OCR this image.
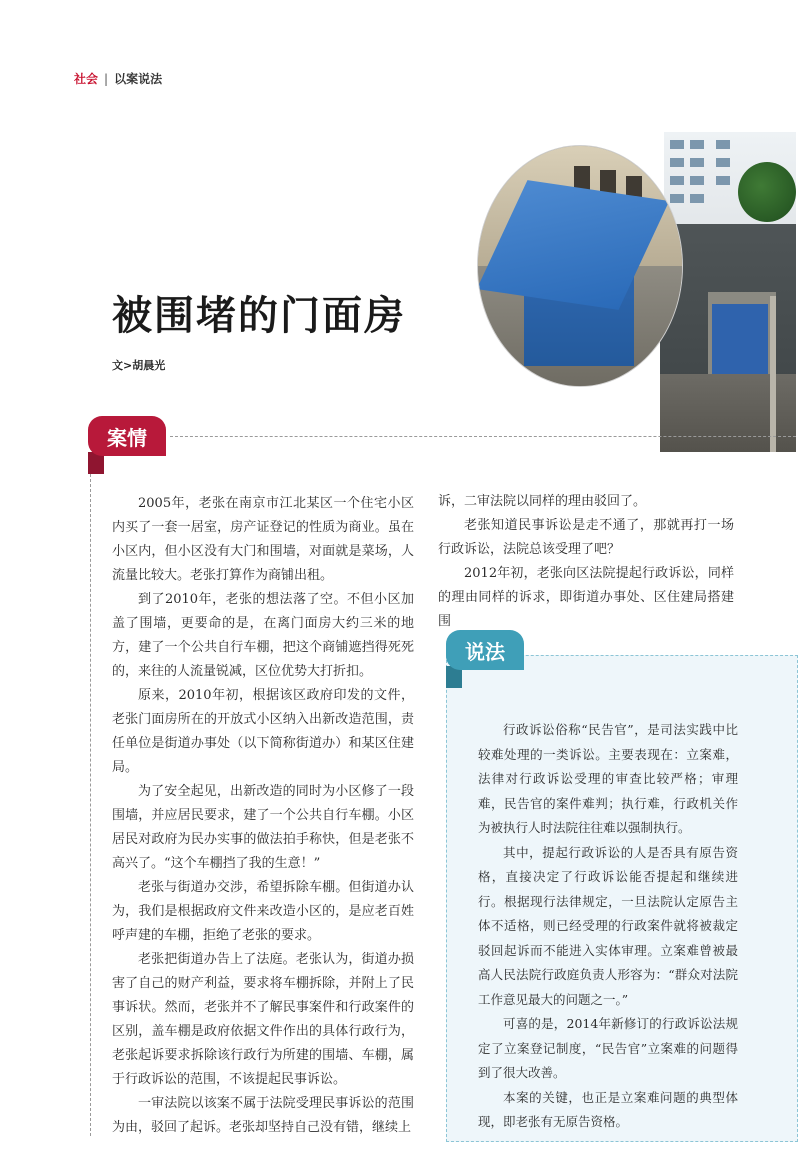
社会 | 以案说法
被围堵的门面房
文>胡晨光
案情

2005年，老张在南京市江北某区一个住宅小区内买了一套一居室，房产证登记的性质为商业。虽在小区内，但小区没有大门和围墙，对面就是菜场，人流量比较大。老张打算作为商铺出租。

到了2010年，老张的想法落了空。不但小区加盖了围墙，更要命的是，在离门面房大约三米的地方，建了一个公共自行车棚，把这个商铺遮挡得死死的，来往的人流量锐减，区位优势大打折扣。

原来，2010年初，根据该区政府印发的文件，老张门面房所在的开放式小区纳入出新改造范围，责任单位是街道办事处（以下简称街道办）和某区住建局。

为了安全起见，出新改造的同时为小区修了一段围墙，并应居民要求，建了一个公共自行车棚。小区居民对政府为民办实事的做法拍手称快，但是老张不高兴了。“这个车棚挡了我的生意！”

老张与街道办交涉，希望拆除车棚。但街道办认为，我们是根据政府文件来改造小区的，是应老百姓呼声建的车棚，拒绝了老张的要求。

老张把街道办告上了法庭。老张认为，街道办损害了自己的财产利益，要求将车棚拆除，并附上了民事诉状。然而，老张并不了解民事案件和行政案件的区别，盖车棚是政府依据文件作出的具体行政行为，老张起诉要求拆除该行政行为所建的围墙、车棚，属于行政诉讼的范围，不该提起民事诉讼。

一审法院以该案不属于法院受理民事诉讼的范围为由，驳回了起诉。老张却坚持自己没有错，继续上

诉，二审法院以同样的理由驳回了。

老张知道民事诉讼是走不通了，那就再打一场行政诉讼，法院总该受理了吧？

2012年初，老张向区法院提起行政诉讼，同样的理由同样的诉求，即街道办事处、区住建局搭建围

说法

行政诉讼俗称“民告官”，是司法实践中比较难处理的一类诉讼。主要表现在：立案难，法律对行政诉讼受理的审查比较严格；审理难，民告官的案件难判；执行难，行政机关作为被执行人时法院往往难以强制执行。

其中，提起行政诉讼的人是否具有原告资格，直接决定了行政诉讼能否提起和继续进行。根据现行法律规定，一旦法院认定原告主体不适格，则已经受理的行政案件就将被裁定驳回起诉而不能进入实体审理。立案难曾被最高人民法院行政庭负责人形容为：“群众对法院工作意见最大的问题之一。”

可喜的是，2014年新修订的行政诉讼法规定了立案登记制度，“民告官”立案难的问题得到了很大改善。

本案的关键，也正是立案难问题的典型体现，即老张有无原告资格。
